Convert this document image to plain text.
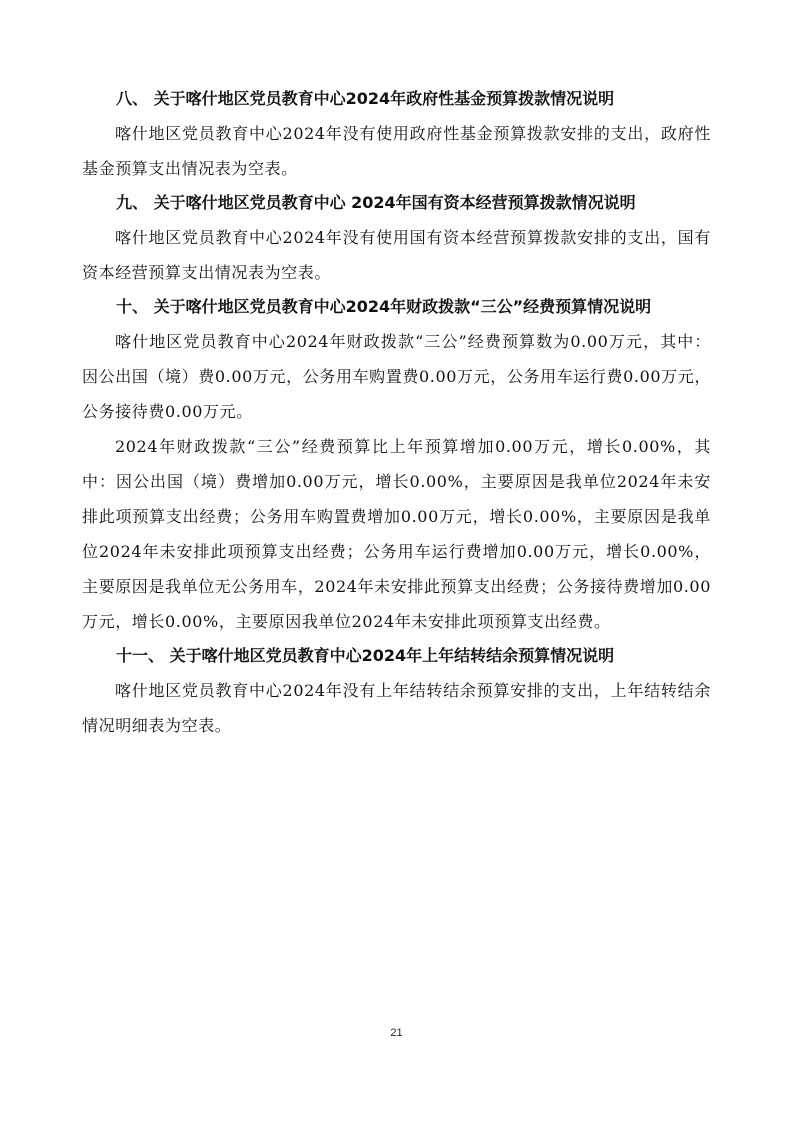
八、 关于喀什地区党员教育中心2024年政府性基金预算拨款情况说明

喀什地区党员教育中心2024年没有使用政府性基金预算拨款安排的支出，政府性基金预算支出情况表为空表。

九、 关于喀什地区党员教育中心 2024年国有资本经营预算拨款情况说明

喀什地区党员教育中心2024年没有使用国有资本经营预算拨款安排的支出，国有资本经营预算支出情况表为空表。

十、 关于喀什地区党员教育中心2024年财政拨款“三公”经费预算情况说明

喀什地区党员教育中心2024年财政拨款“三公”经费预算数为0.00万元，其中：因公出国（境）费0.00万元，公务用车购置费0.00万元，公务用车运行费0.00万元，公务接待费0.00万元。

2024年财政拨款“三公”经费预算比上年预算增加0.00万元，增长0.00%，其中：因公出国（境）费增加0.00万元，增长0.00%，主要原因是我单位2024年未安排此项预算支出经费；公务用车购置费增加0.00万元，增长0.00%，主要原因是我单位2024年未安排此项预算支出经费；公务用车运行费增加0.00万元，增长0.00%，主要原因是我单位无公务用车，2024年未安排此预算支出经费；公务接待费增加0.00万元，增长0.00%，主要原因我单位2024年未安排此项预算支出经费。

十一、 关于喀什地区党员教育中心2024年上年结转结余预算情况说明

喀什地区党员教育中心2024年没有上年结转结余预算安排的支出，上年结转结余情况明细表为空表。

21
